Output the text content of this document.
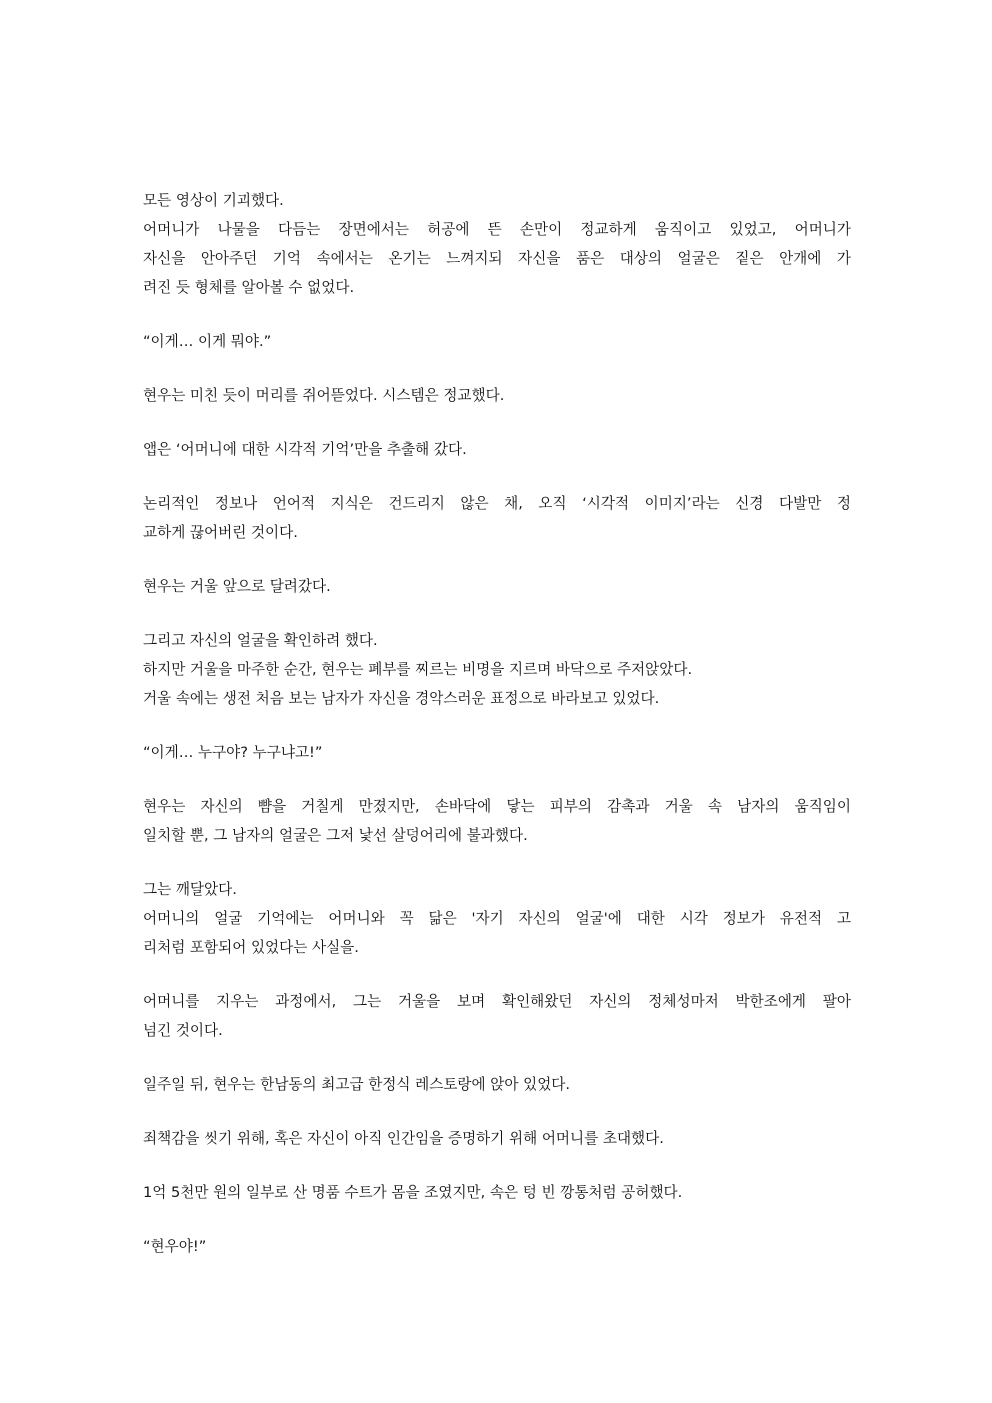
모든 영상이 기괴했다.
어머니가 나물을 다듬는 장면에서는 허공에 뜬 손만이 정교하게 움직이고 있었고, 어머니가
자신을 안아주던 기억 속에서는 온기는 느껴지되 자신을 품은 대상의 얼굴은 짙은 안개에 가
려진 듯 형체를 알아볼 수 없었다.
“이게… 이게 뭐야.”
현우는 미친 듯이 머리를 쥐어뜯었다. 시스템은 정교했다.
앱은 ‘어머니에 대한 시각적 기억’만을 추출해 갔다.
논리적인 정보나 언어적 지식은 건드리지 않은 채, 오직 ‘시각적 이미지’라는 신경 다발만 정
교하게 끊어버린 것이다.
현우는 거울 앞으로 달려갔다.
그리고 자신의 얼굴을 확인하려 했다.
하지만 거울을 마주한 순간, 현우는 폐부를 찌르는 비명을 지르며 바닥으로 주저앉았다.
거울 속에는 생전 처음 보는 남자가 자신을 경악스러운 표정으로 바라보고 있었다.
“이게… 누구야? 누구냐고!”
현우는 자신의 뺨을 거칠게 만졌지만, 손바닥에 닿는 피부의 감촉과 거울 속 남자의 움직임이
일치할 뿐, 그 남자의 얼굴은 그저 낯선 살덩어리에 불과했다.
그는 깨달았다.
어머니의 얼굴 기억에는 어머니와 꼭 닮은 '자기 자신의 얼굴'에 대한 시각 정보가 유전적 고
리처럼 포함되어 있었다는 사실을.
어머니를 지우는 과정에서, 그는 거울을 보며 확인해왔던 자신의 정체성마저 박한조에게 팔아
넘긴 것이다.
일주일 뒤, 현우는 한남동의 최고급 한정식 레스토랑에 앉아 있었다.
죄책감을 씻기 위해, 혹은 자신이 아직 인간임을 증명하기 위해 어머니를 초대했다.
1억 5천만 원의 일부로 산 명품 수트가 몸을 조였지만, 속은 텅 빈 깡통처럼 공허했다.
“현우야!”
